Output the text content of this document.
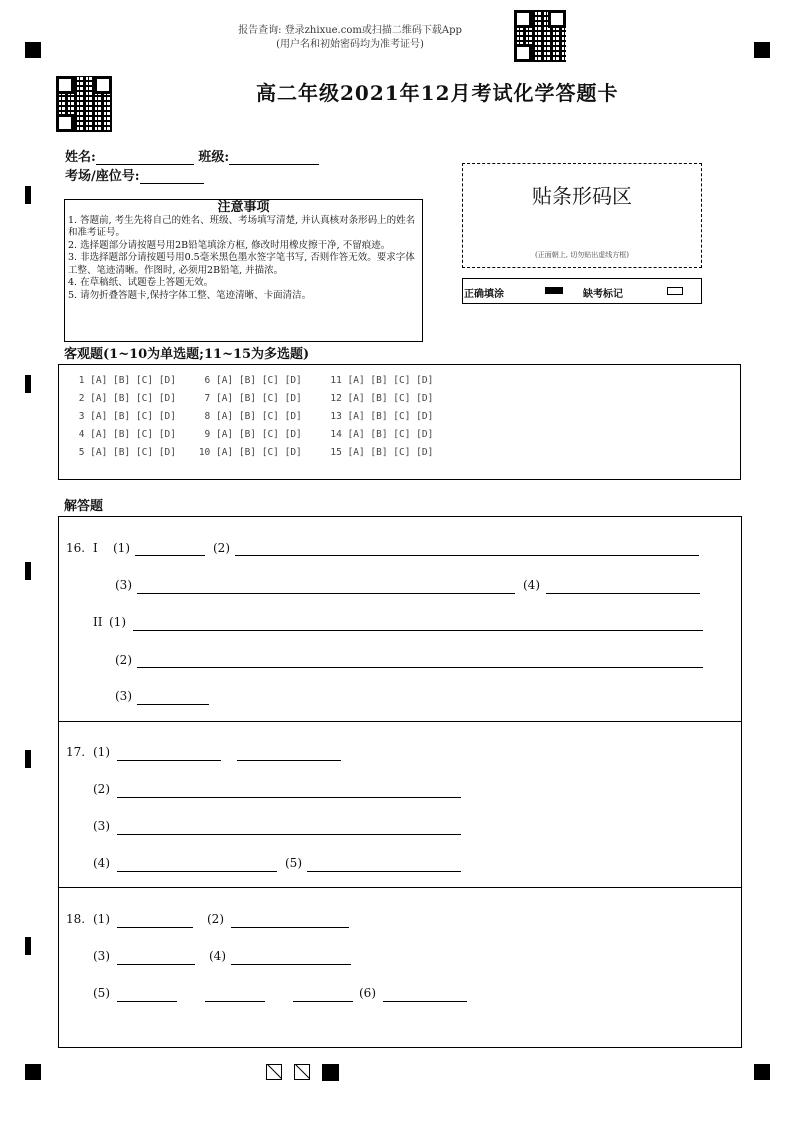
报告查询: 登录zhixue.com或扫描二维码下载App
(用户名和初始密码均为准考证号)
高二年级2021年12月考试化学答题卡
姓名:	班级:
考场/座位号:
贴条形码区
(正面朝上, 切勿贴出虚线方框)
正确填涂	缺考标记
注意事项
1. 答题前, 考生先将自己的姓名、班级、考场填写清楚, 并认真核对条形码上的姓名和准考证号。
2. 选择题部分请按题号用2B铅笔填涂方框, 修改时用橡皮擦干净, 不留痕迹。
3. 非选择题部分请按题号用0.5毫米黑色墨水签字笔书写, 否则作答无效。要求字体工整、笔迹清晰。作图时, 必须用2B铅笔, 并描浓。
4. 在草稿纸、试题卷上答题无效。
5. 请勿折叠答题卡,保持字体工整、笔迹清晰、卡面清洁。
客观题(1~10为单选题;11~15为多选题)
1 [A] [B] [C] [D]     6 [A] [B] [C] [D]     11 [A] [B] [C] [D]
2 [A] [B] [C] [D]     7 [A] [B] [C] [D]     12 [A] [B] [C] [D]
3 [A] [B] [C] [D]     8 [A] [B] [C] [D]     13 [A] [B] [C] [D]
4 [A] [B] [C] [D]     9 [A] [B] [C] [D]     14 [A] [B] [C] [D]
5 [A] [B] [C] [D]    10 [A] [B] [C] [D]     15 [A] [B] [C] [D]
解答题
16. I (1)	(2)
(3)	(4)
II (1)
(2)
(3)
17. (1)
(2)
(3)
(4)	(5)
18. (1)	(2)
(3)	(4)
(5)	(6)
